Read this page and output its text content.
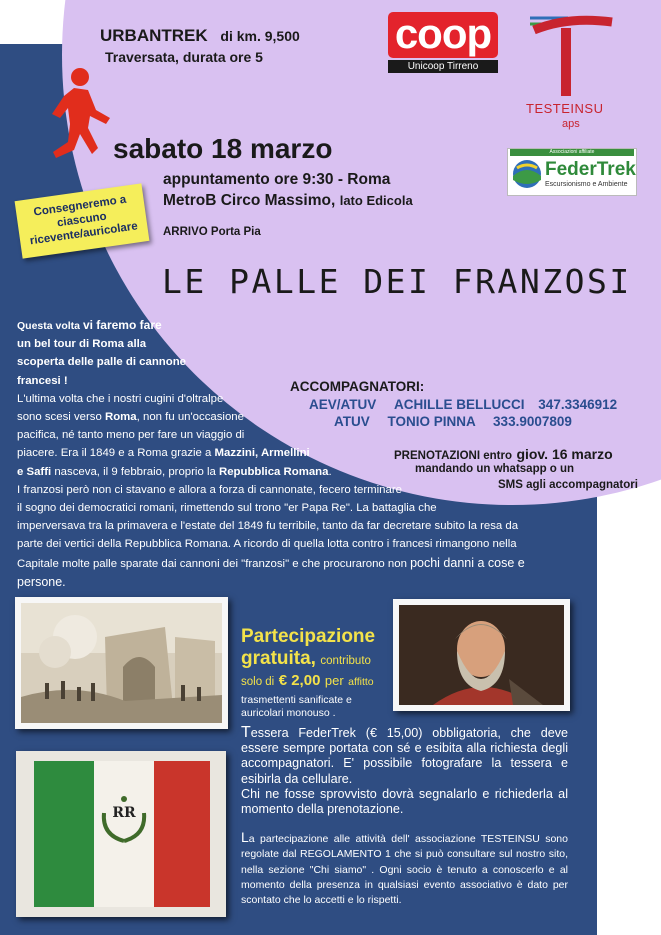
URBANTREK di km. 9,500
Traversata, durata ore 5
sabato 18 marzo
appuntamento ore 9:30 - Roma
MetroB Circo Massimo, lato Edicola
ARRIVO Porta Pia
Consegneremo a ciascuno ricevente/auricolare
coop
Unicoop Tirreno
TESTEINSU
aps
Associazioni affiliate
FederTrek
Escursionismo e Ambiente
LE PALLE DEI FRANZOSI
ACCOMPAGNATORI:
AEV/ATUV ACHILLE BELLUCCI 347.3346912
ATUV TONIO PINNA 333.9007809
PRENOTAZIONI entro giov. 16 marzo
mandando un whatsapp o un
SMS agli accompagnatori
Questa volta vi faremo fare
un bel tour di Roma alla
scoperta delle palle di cannone
francesi !
L'ultima volta che i nostri cugini d'oltralpe
sono scesi verso Roma, non fu un'occasione
pacifica, né tanto meno per fare un viaggio di
piacere. Era il 1849 e a Roma grazie a Mazzini, Armellini
e Saffi nasceva, il 9 febbraio, proprio la Repubblica Romana.
I franzosi però non ci stavano e allora a forza di cannonate, fecero terminare
il sogno dei democratici romani, rimettendo sul trono "er Papa Re". La battaglia che
imperversava tra la primavera e l'estate del 1849 fu terribile, tanto da far decretare subito la resa da
parte dei vertici della Repubblica Romana. A ricordo di quella lotta contro i francesi rimangono nella
Capitale molte palle sparate dai cannoni dei "franzosi" e che procurarono non pochi danni a cose e
persone.
Partecipazione
gratuita, contributo
solo di € 2,00 per affitto
trasmettenti sanificate e
auricolari monouso .
Tessera FederTrek (€ 15,00) obbligatoria, che deve essere sempre portata con sé e esibita alla richiesta degli accompagnatori. E' possibile fotografare la tessera e esibirla da cellulare.
Chi ne fosse sprovvisto dovrà segnalarlo e richiederla al momento della prenotazione.
La partecipazione alle attività dell' associazione TESTEINSU sono regolate dal REGOLAMENTO 1 che si può consultare sul nostro sito, nella sezione "Chi siamo" . Ogni socio è tenuto a conoscerlo e al momento della presenza in qualsiasi evento associativo è dato per scontato che lo accetti e lo rispetti.
RR
